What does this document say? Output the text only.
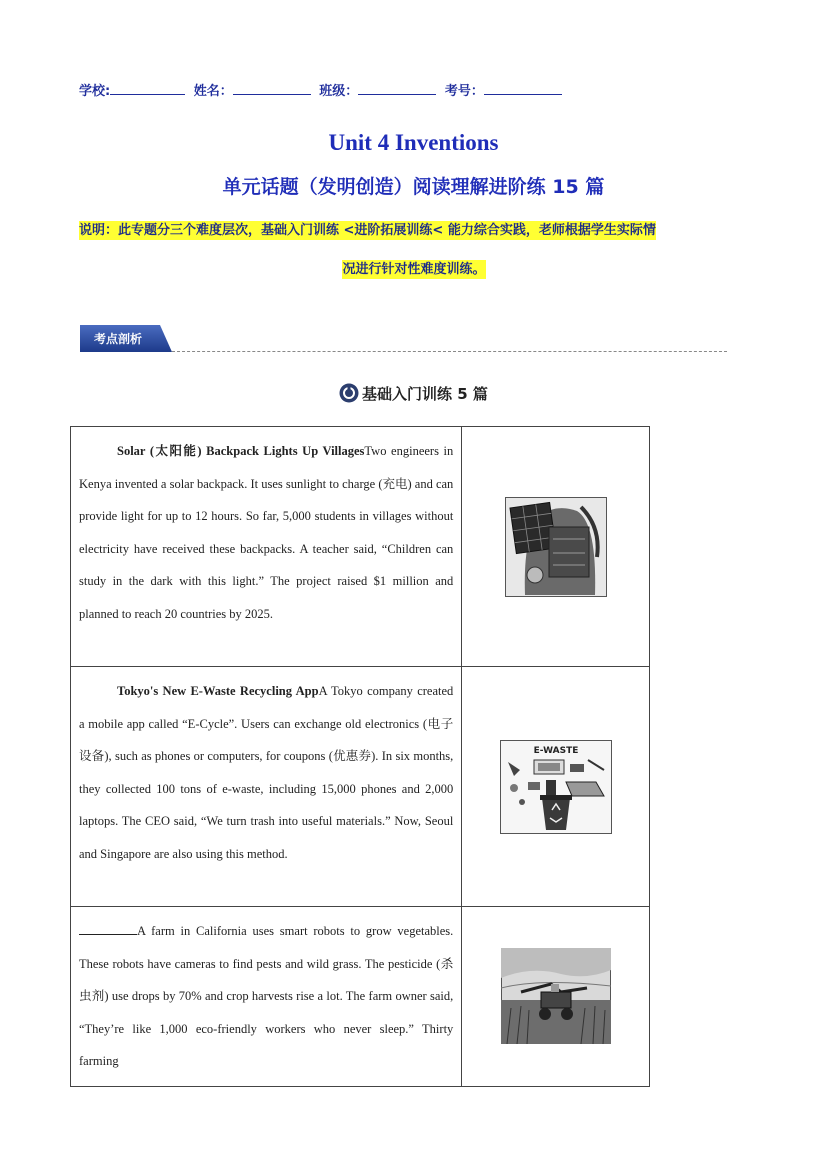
学校:	姓名：	班级：	考号：
Unit 4 Inventions
单元话题（发明创造）阅读理解进阶练 15 篇
说明：此专题分三个难度层次，基础入门训练 <进阶拓展训练< 能力综合实践，老师根据学生实际情
况进行针对性难度训练。
考点剖析
基础入门训练 5 篇
Solar (太阳能) Backpack Lights Up VillagesTwo engineers in Kenya invented a solar backpack. It uses sunlight to charge (充电) and can provide light for up to 12 hours. So far, 5,000 students in villages without electricity have received these backpacks. A teacher said, “Children can study in the dark with this light.” The project raised $1 million and planned to reach 20 countries by 2025.	

Tokyo's New E-Waste Recycling AppA Tokyo company created a mobile app called “E-Cycle”. Users can exchange old electronics (电子设备), such as phones or computers, for coupons (优惠券). In six months, they collected 100 tons of e-waste, including 15,000 phones and 2,000 laptops. The CEO said, “We turn trash into useful materials.” Now, Seoul and Singapore are also using this method.	E-WASTE

A farm in California uses smart robots to grow vegetables. These robots have cameras to find pests and wild grass. The pesticide (杀虫剂) use drops by 70% and crop harvests rise a lot. The farm owner said, “They’re like 1,000 eco-friendly workers who never sleep.” Thirty farming	
